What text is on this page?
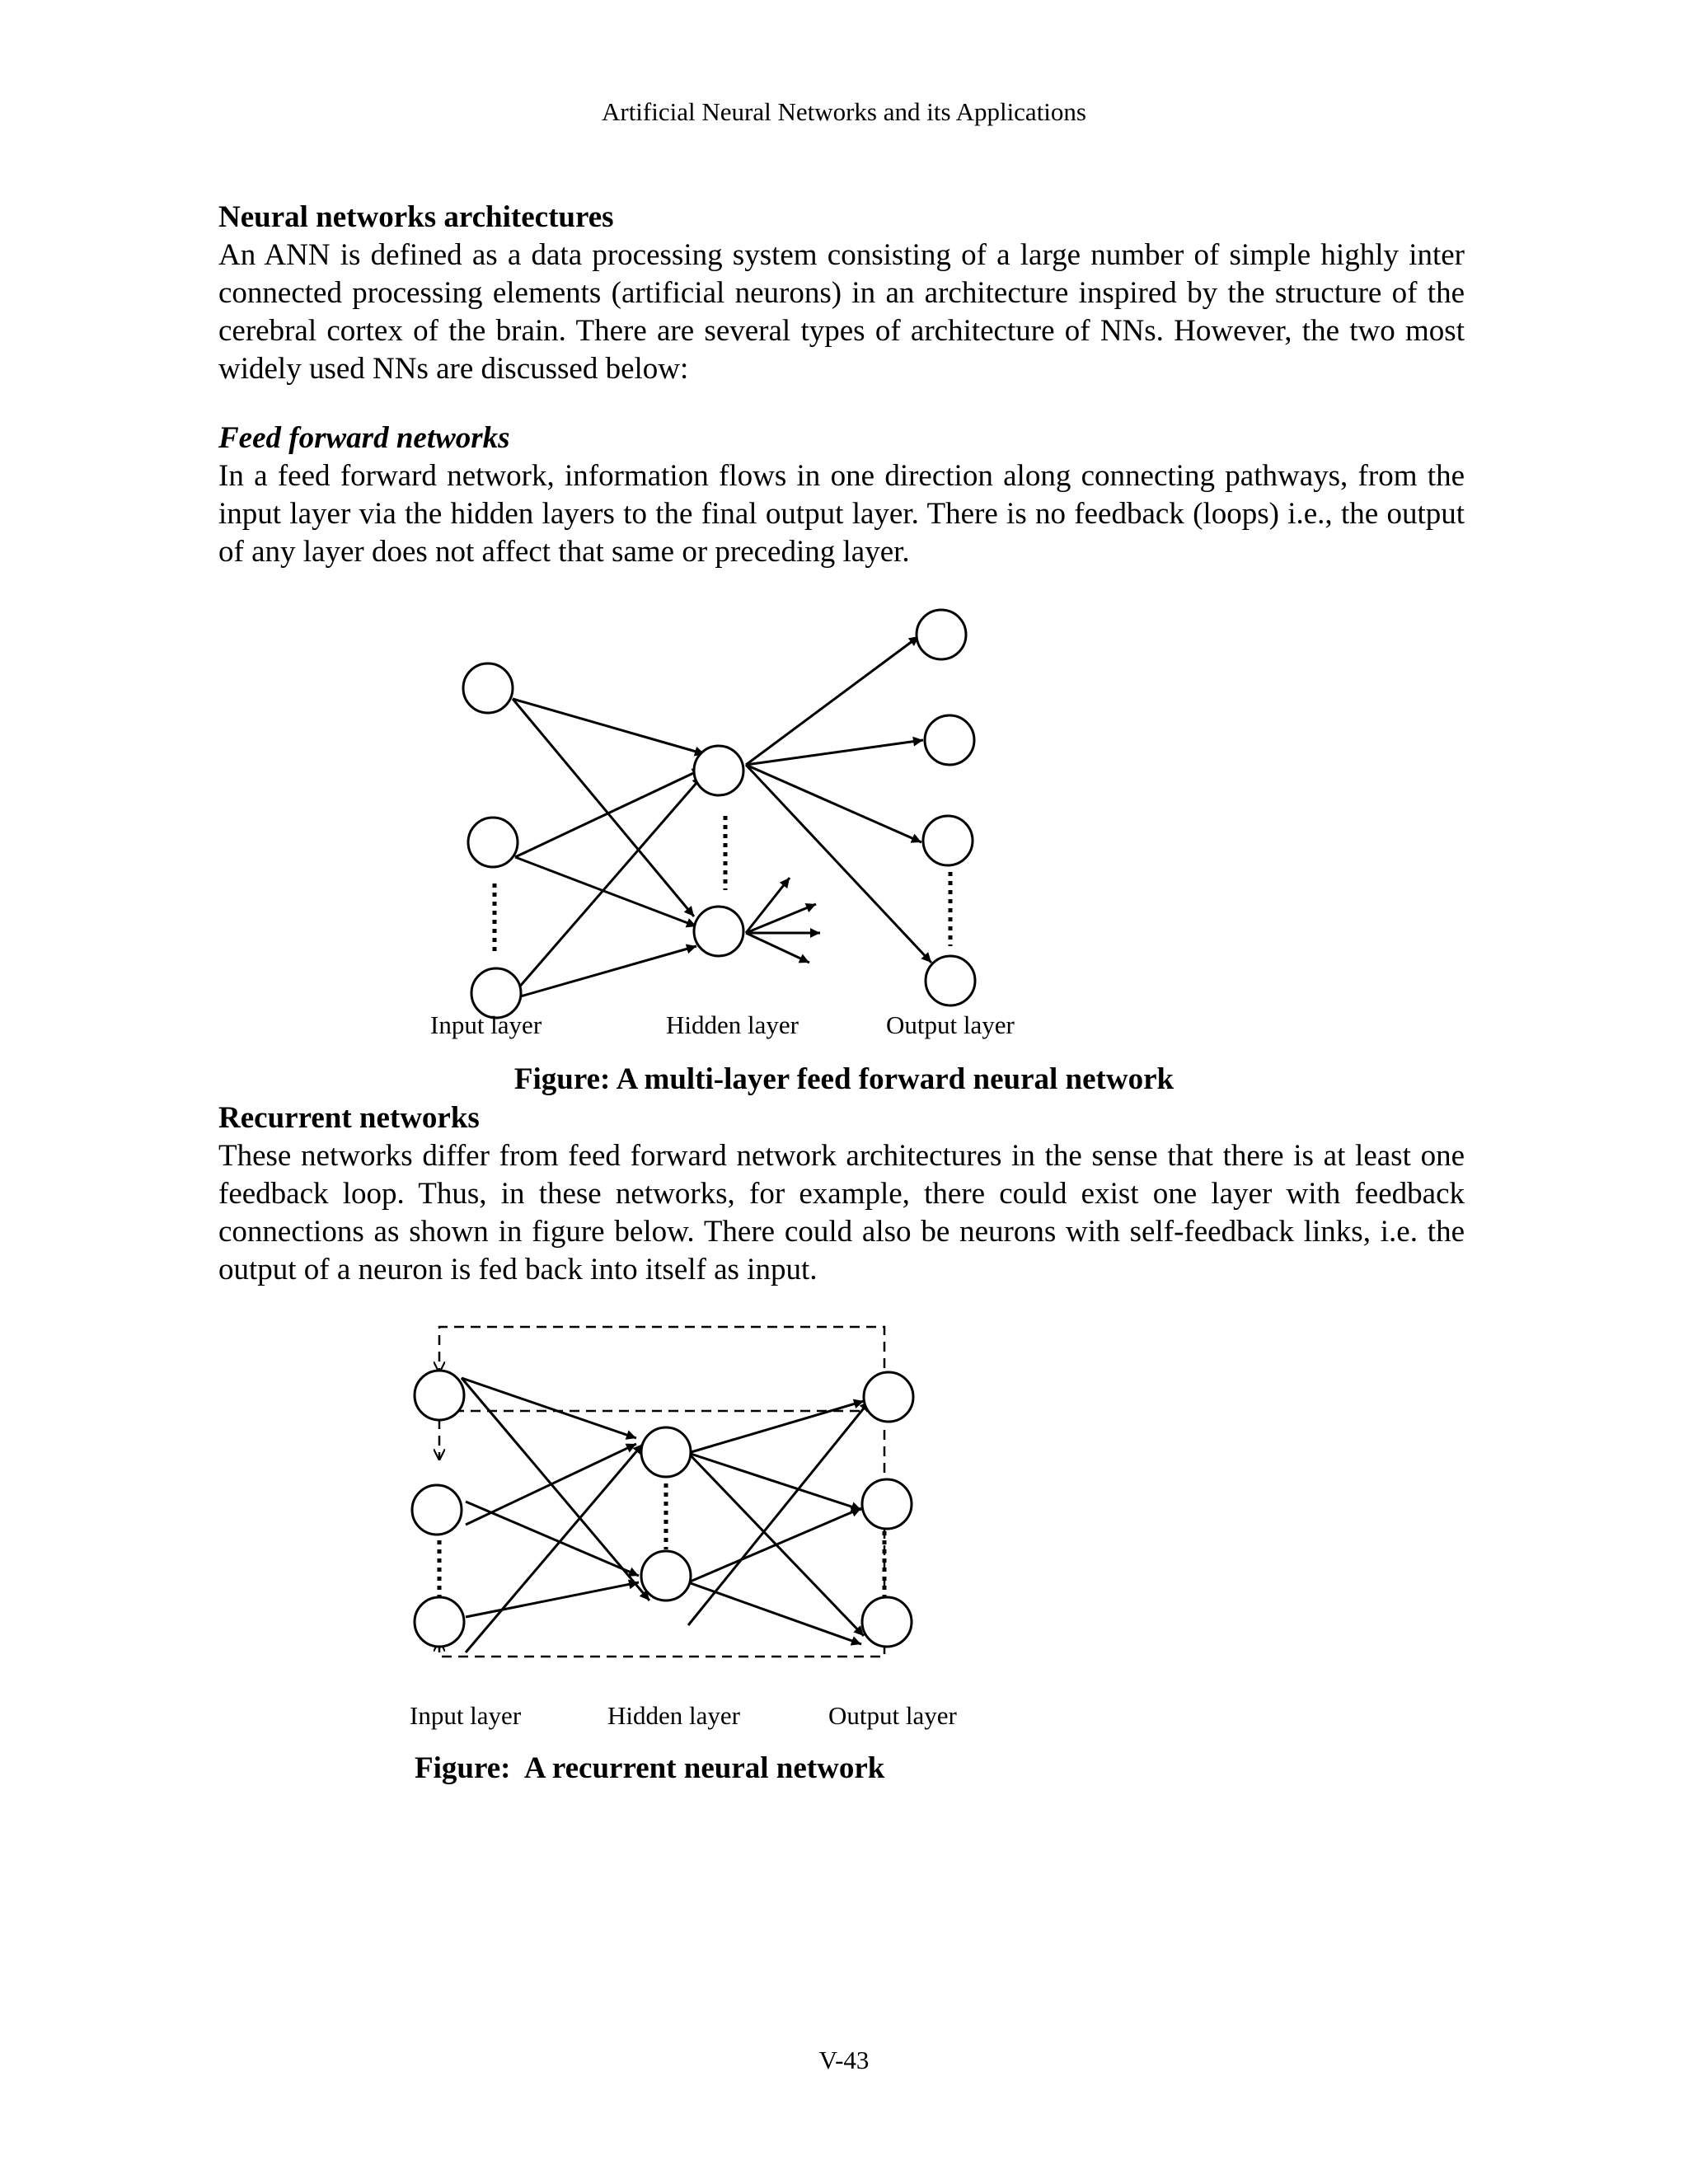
Artificial Neural Networks and its Applications
Neural networks architectures

An ANN is defined as a data processing system consisting of a large number of simple highly inter connected processing elements (artificial neurons) in an architecture inspired by the structure of the cerebral cortex of the brain. There are several types of architecture of NNs. However, the two most widely used NNs are discussed below:

Feed forward networks

In a feed forward network, information flows in one direction along connecting pathways, from the input layer via the hidden layers to the final output layer. There is no feedback (loops) i.e., the output of any layer does not affect that same or preceding layer.

Input layer	Hidden layer	Output layer
Figure: A multi-layer feed forward neural network
Recurrent networks

These networks differ from feed forward network architectures in the sense that there is at least one feedback loop. Thus, in these networks, for example, there could exist one layer with feedback connections as shown in figure below. There could also be neurons with self-feedback links, i.e. the output of a neuron is fed back into itself as input.

Input layer	Hidden layer	Output layer
Figure:  A recurrent neural network
V-43
